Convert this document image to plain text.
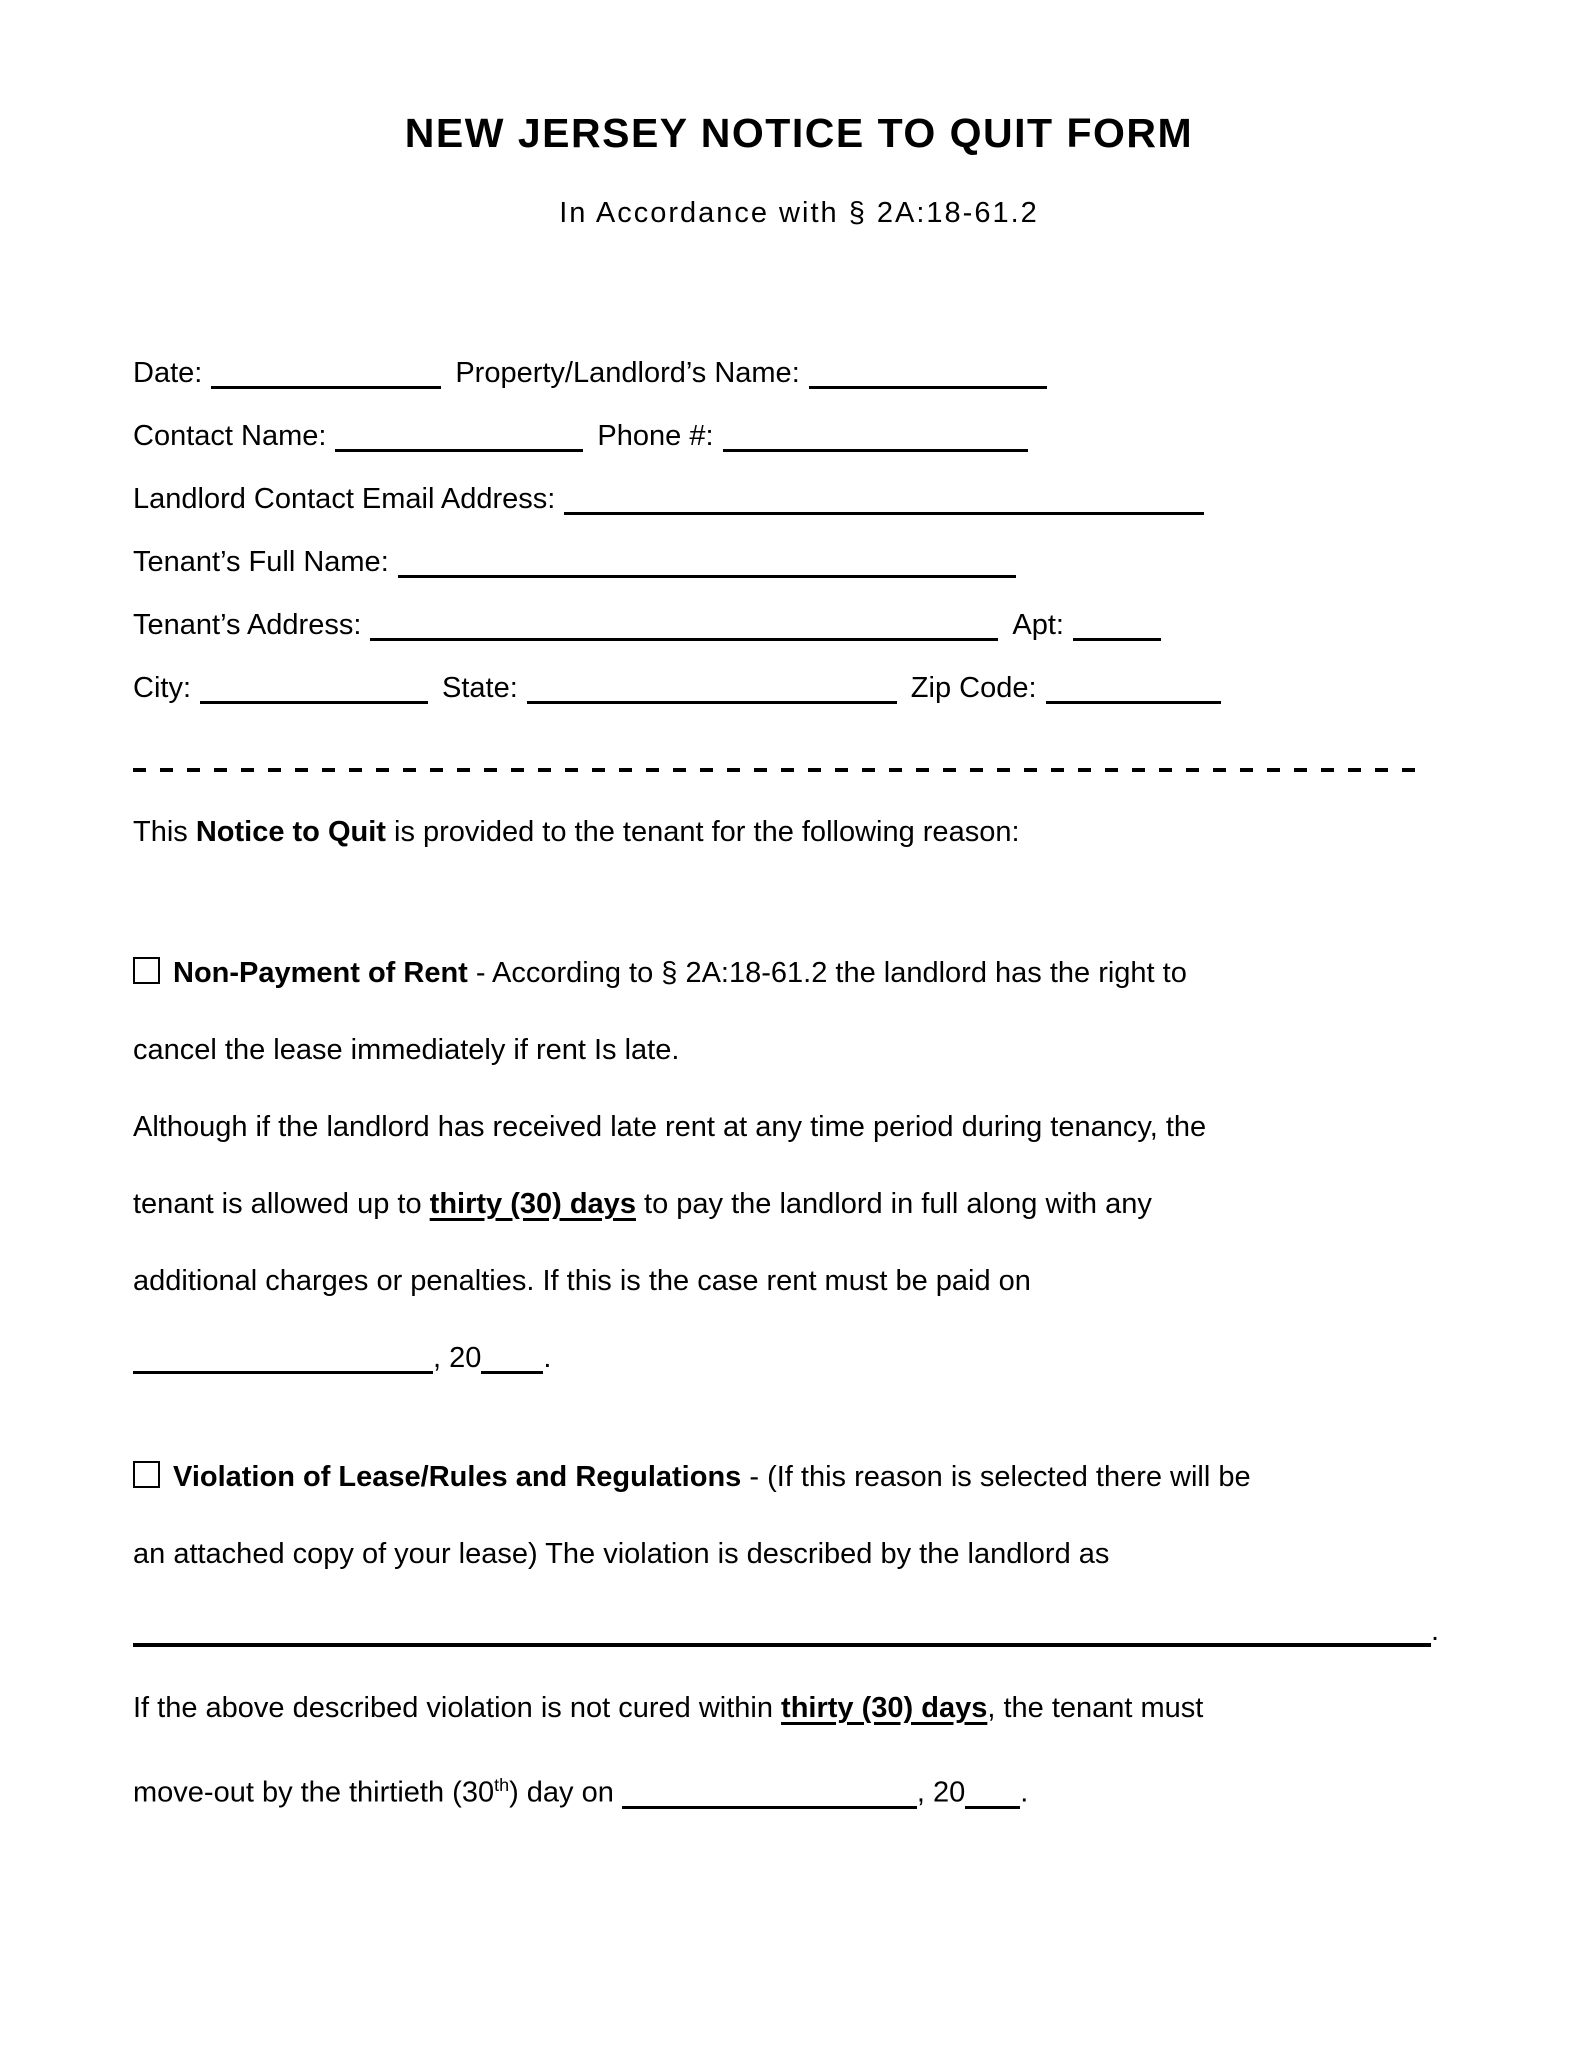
NEW JERSEY NOTICE TO QUIT FORM
In Accordance with § 2A:18-61.2
Date:	Property/Landlord’s Name:
Contact Name:	Phone #:
Landlord Contact Email Address:
Tenant’s Full Name:
Tenant’s Address:	Apt:
City:	State:	Zip Code:
This Notice to Quit is provided to the tenant for the following reason:
Non-Payment of Rent - According to § 2A:18-61.2 the landlord has the right to
cancel the lease immediately if rent Is late.
Although if the landlord has received late rent at any time period during tenancy, the
tenant is allowed up to thirty (30) days to pay the landlord in full along with any
additional charges or penalties. If this is the case rent must be paid on
, 20 .
Violation of Lease/Rules and Regulations - (If this reason is selected there will be
an attached copy of your lease) The violation is described by the landlord as
.
If the above described violation is not cured within thirty (30) days, the tenant must
move-out by the thirtieth (30th) day on	, 20 .
